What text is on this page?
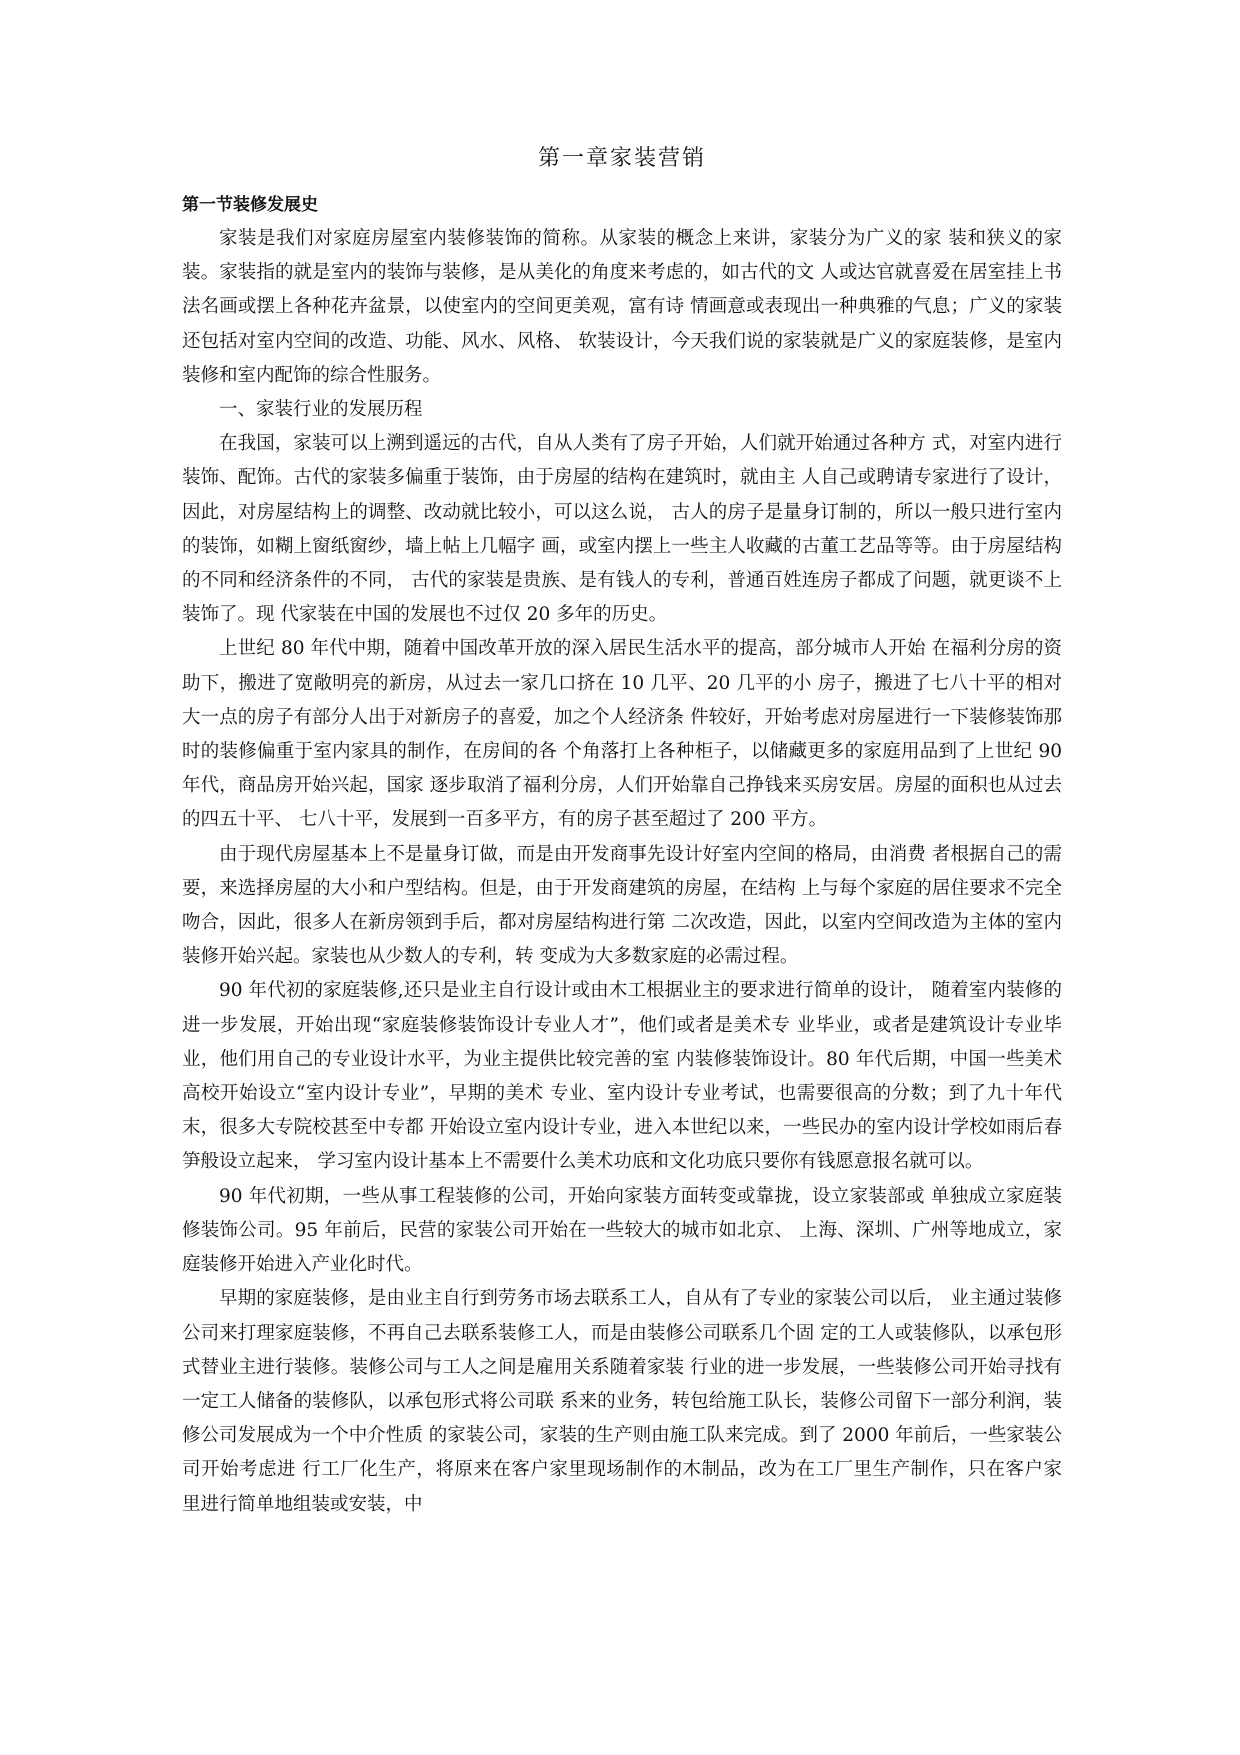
第一章家装营销
第一节装修发展史

家装是我们对家庭房屋室内装修装饰的简称。从家装的概念上来讲，家装分为广义的家 装和狭义的家装。家装指的就是室内的装饰与装修，是从美化的角度来考虑的，如古代的文 人或达官就喜爱在居室挂上书法名画或摆上各种花卉盆景，以使室内的空间更美观，富有诗 情画意或表现出一种典雅的气息；广义的家装还包括对室内空间的改造、功能、风水、风格、 软装设计，今天我们说的家装就是广义的家庭装修，是室内装修和室内配饰的综合性服务。

一、家装行业的发展历程

在我国，家装可以上溯到遥远的古代，自从人类有了房子开始，人们就开始通过各种方 式，对室内进行装饰、配饰。古代的家装多偏重于装饰，由于房屋的结构在建筑时，就由主 人自己或聘请专家进行了设计，因此，对房屋结构上的调整、改动就比较小，可以这么说， 古人的房子是量身订制的，所以一般只进行室内的装饰，如糊上窗纸窗纱，墙上帖上几幅字 画，或室内摆上一些主人收藏的古董工艺品等等。由于房屋结构的不同和经济条件的不同， 古代的家装是贵族、是有钱人的专利，普通百姓连房子都成了问题，就更谈不上装饰了。现 代家装在中国的发展也不过仅 20 多年的历史。

上世纪 80 年代中期，随着中国改革开放的深入居民生活水平的提高，部分城市人开始 在福利分房的资助下，搬进了宽敞明亮的新房，从过去一家几口挤在 10 几平、20 几平的小 房子，搬进了七八十平的相对大一点的房子有部分人出于对新房子的喜爱，加之个人经济条 件较好，开始考虑对房屋进行一下装修装饰那时的装修偏重于室内家具的制作，在房间的各 个角落打上各种柜子，以储藏更多的家庭用品到了上世纪 90 年代，商品房开始兴起，国家 逐步取消了福利分房，人们开始靠自己挣钱来买房安居。房屋的面积也从过去的四五十平、 七八十平，发展到一百多平方，有的房子甚至超过了 200 平方。

由于现代房屋基本上不是量身订做，而是由开发商事先设计好室内空间的格局，由消费 者根据自己的需要，来选择房屋的大小和户型结构。但是，由于开发商建筑的房屋，在结构 上与每个家庭的居住要求不完全吻合，因此，很多人在新房领到手后，都对房屋结构进行第 二次改造，因此，以室内空间改造为主体的室内装修开始兴起。家装也从少数人的专利，转 变成为大多数家庭的必需过程。

90 年代初的家庭装修,还只是业主自行设计或由木工根据业主的要求进行简单的设计， 随着室内装修的进一步发展，开始出现“家庭装修装饰设计专业人才”，他们或者是美术专 业毕业，或者是建筑设计专业毕业，他们用自己的专业设计水平，为业主提供比较完善的室 内装修装饰设计。80 年代后期，中国一些美术高校开始设立“室内设计专业”，早期的美术 专业、室内设计专业考试，也需要很高的分数；到了九十年代末，很多大专院校甚至中专都 开始设立室内设计专业，进入本世纪以来，一些民办的室内设计学校如雨后春笋般设立起来， 学习室内设计基本上不需要什么美术功底和文化功底只要你有钱愿意报名就可以。

90 年代初期，一些从事工程装修的公司，开始向家装方面转变或靠拢，设立家装部或 单独成立家庭装修装饰公司。95 年前后，民营的家装公司开始在一些较大的城市如北京、 上海、深圳、广州等地成立，家庭装修开始进入产业化时代。

早期的家庭装修，是由业主自行到劳务市场去联系工人，自从有了专业的家装公司以后， 业主通过装修公司来打理家庭装修，不再自己去联系装修工人，而是由装修公司联系几个固 定的工人或装修队，以承包形式替业主进行装修。装修公司与工人之间是雇用关系随着家装 行业的进一步发展，一些装修公司开始寻找有一定工人储备的装修队，以承包形式将公司联 系来的业务，转包给施工队长，装修公司留下一部分利润，装修公司发展成为一个中介性质 的家装公司，家装的生产则由施工队来完成。到了 2000 年前后，一些家装公司开始考虑进 行工厂化生产，将原来在客户家里现场制作的木制品，改为在工厂里生产制作，只在客户家 里进行简单地组装或安装，中
